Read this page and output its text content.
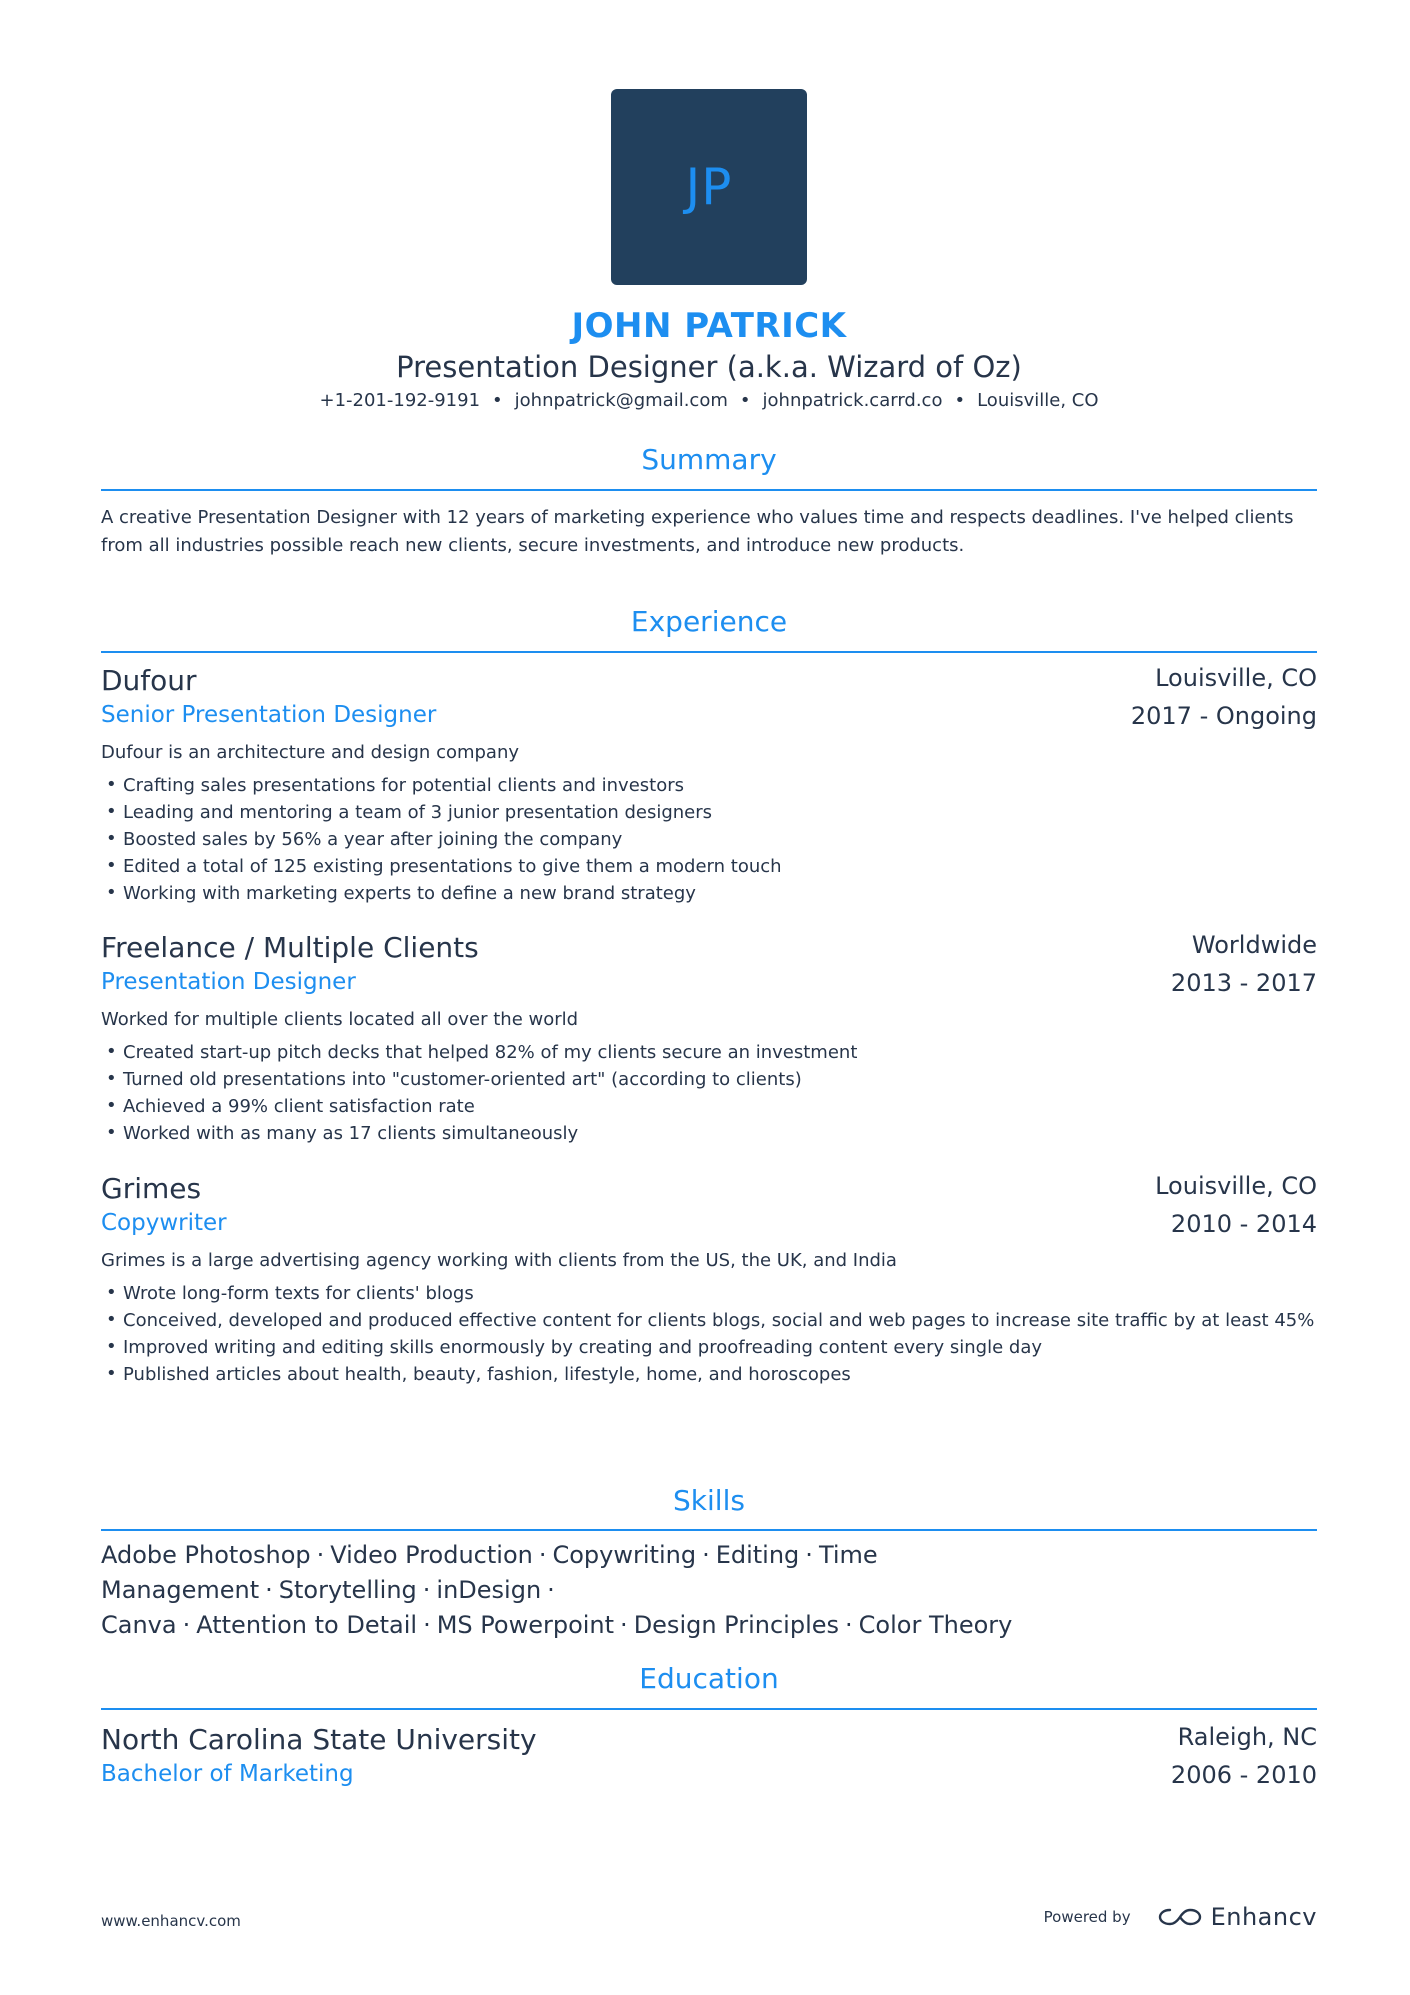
JP
JOHN PATRICK
Presentation Designer (a.k.a. Wizard of Oz)
+1-201-192-9191 • johnpatrick@gmail.com • johnpatrick.carrd.co • Louisville, CO
Summary
A creative Presentation Designer with 12 years of marketing experience who values time and respects deadlines. I've helped clients from all industries possible reach new clients, secure investments, and introduce new products.
Experience
Dufour	Louisville, CO
Senior Presentation Designer	2017 - Ongoing
Dufour is an architecture and design company
• Crafting sales presentations for potential clients and investors
• Leading and mentoring a team of 3 junior presentation designers
• Boosted sales by 56% a year after joining the company
• Edited a total of 125 existing presentations to give them a modern touch
• Working with marketing experts to define a new brand strategy
Freelance / Multiple Clients	Worldwide
Presentation Designer	2013 - 2017
Worked for multiple clients located all over the world
• Created start-up pitch decks that helped 82% of my clients secure an investment
• Turned old presentations into "customer-oriented art" (according to clients)
• Achieved a 99% client satisfaction rate
• Worked with as many as 17 clients simultaneously
Grimes	Louisville, CO
Copywriter	2010 - 2014
Grimes is a large advertising agency working with clients from the US, the UK, and India
• Wrote long-form texts for clients' blogs
• Conceived, developed and produced effective content for clients blogs, social and web pages to increase site traffic by at least 45%
• Improved writing and editing skills enormously by creating and proofreading content every single day
• Published articles about health, beauty, fashion, lifestyle, home, and horoscopes
Skills
Adobe Photoshop · Video Production · Copywriting · Editing · Time Management · Storytelling · inDesign ·
Canva · Attention to Detail · MS Powerpoint · Design Principles · Color Theory
Education
North Carolina State University	Raleigh, NC
Bachelor of Marketing	2006 - 2010
www.enhancv.com	Powered by	Enhancv
